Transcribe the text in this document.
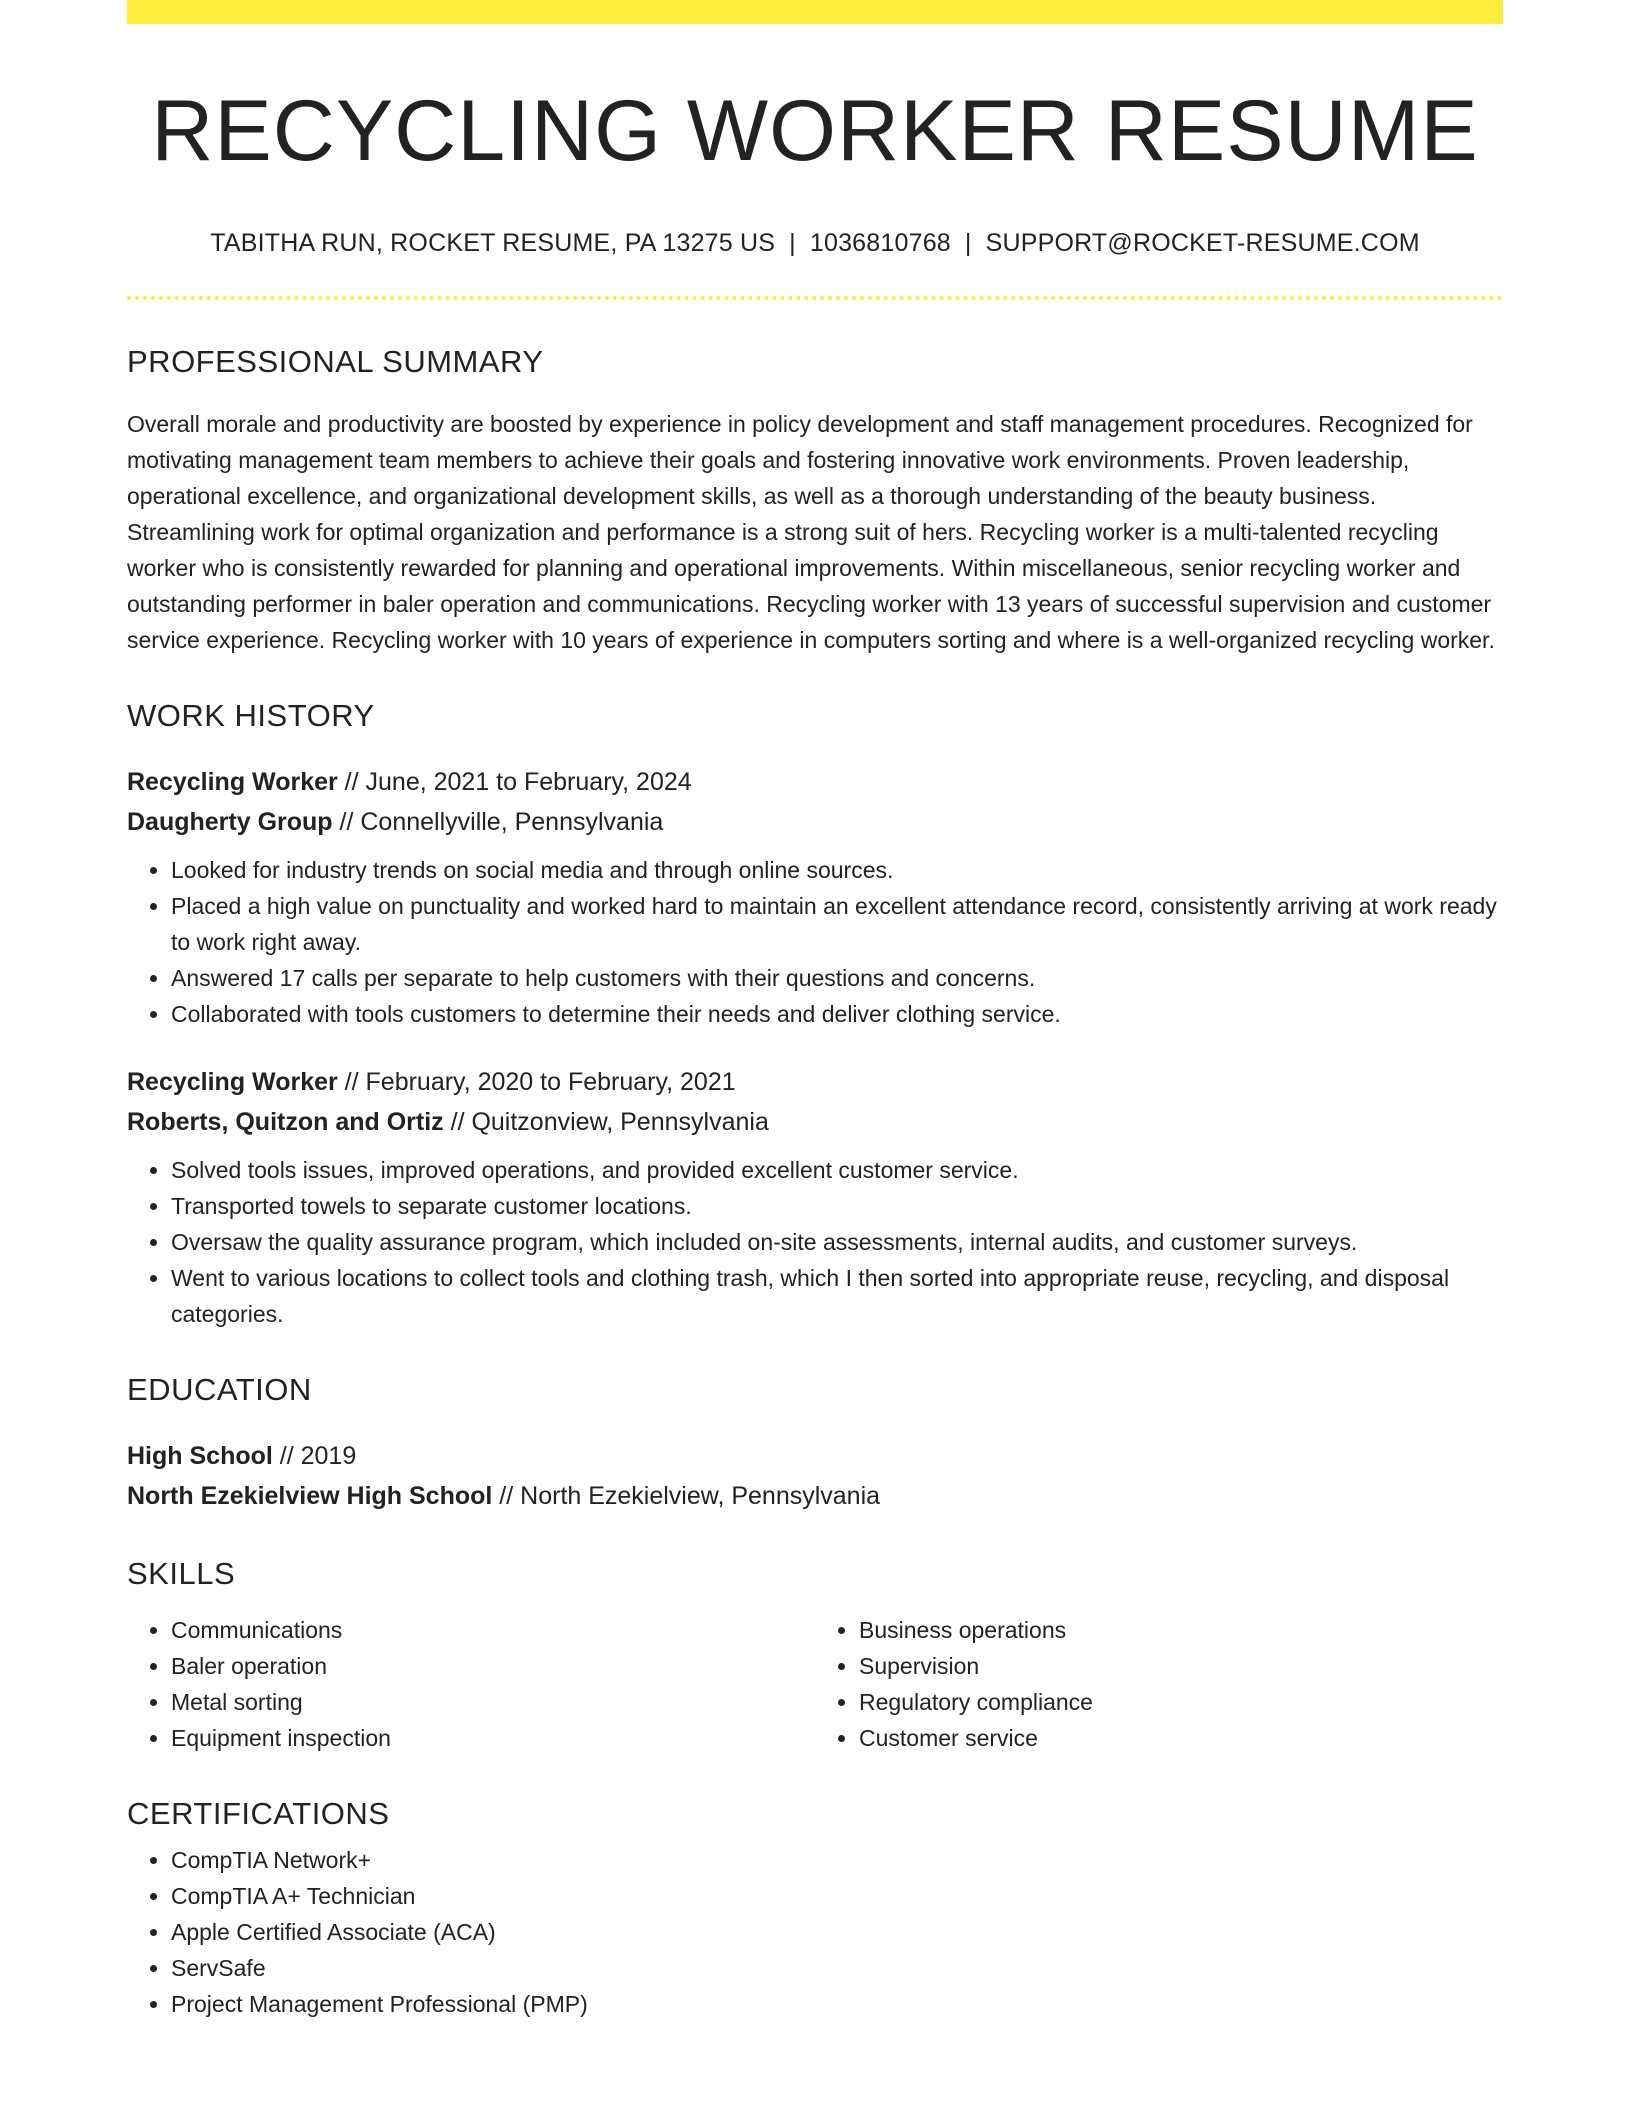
RECYCLING WORKER RESUME
TABITHA RUN, ROCKET RESUME, PA 13275 US | 1036810768 | SUPPORT@ROCKET-RESUME.COM
PROFESSIONAL SUMMARY
Overall morale and productivity are boosted by experience in policy development and staff management procedures. Recognized for motivating management team members to achieve their goals and fostering innovative work environments. Proven leadership, operational excellence, and organizational development skills, as well as a thorough understanding of the beauty business. Streamlining work for optimal organization and performance is a strong suit of hers. Recycling worker is a multi-talented recycling worker who is consistently rewarded for planning and operational improvements. Within miscellaneous, senior recycling worker and outstanding performer in baler operation and communications. Recycling worker with 13 years of successful supervision and customer service experience. Recycling worker with 10 years of experience in computers sorting and where is a well-organized recycling worker.
WORK HISTORY
Recycling Worker // June, 2021 to February, 2024
Daugherty Group // Connellyville, Pennsylvania
• Looked for industry trends on social media and through online sources.
• Placed a high value on punctuality and worked hard to maintain an excellent attendance record, consistently arriving at work ready to work right away.
• Answered 17 calls per separate to help customers with their questions and concerns.
• Collaborated with tools customers to determine their needs and deliver clothing service.
Recycling Worker // February, 2020 to February, 2021
Roberts, Quitzon and Ortiz // Quitzonview, Pennsylvania
• Solved tools issues, improved operations, and provided excellent customer service.
• Transported towels to separate customer locations.
• Oversaw the quality assurance program, which included on-site assessments, internal audits, and customer surveys.
• Went to various locations to collect tools and clothing trash, which I then sorted into appropriate reuse, recycling, and disposal categories.
EDUCATION
High School // 2019
North Ezekielview High School // North Ezekielview, Pennsylvania
SKILLS
• Communications
• Baler operation
• Metal sorting
• Equipment inspection
• Business operations
• Supervision
• Regulatory compliance
• Customer service
CERTIFICATIONS
• CompTIA Network+
• CompTIA A+ Technician
• Apple Certified Associate (ACA)
• ServSafe
• Project Management Professional (PMP)
